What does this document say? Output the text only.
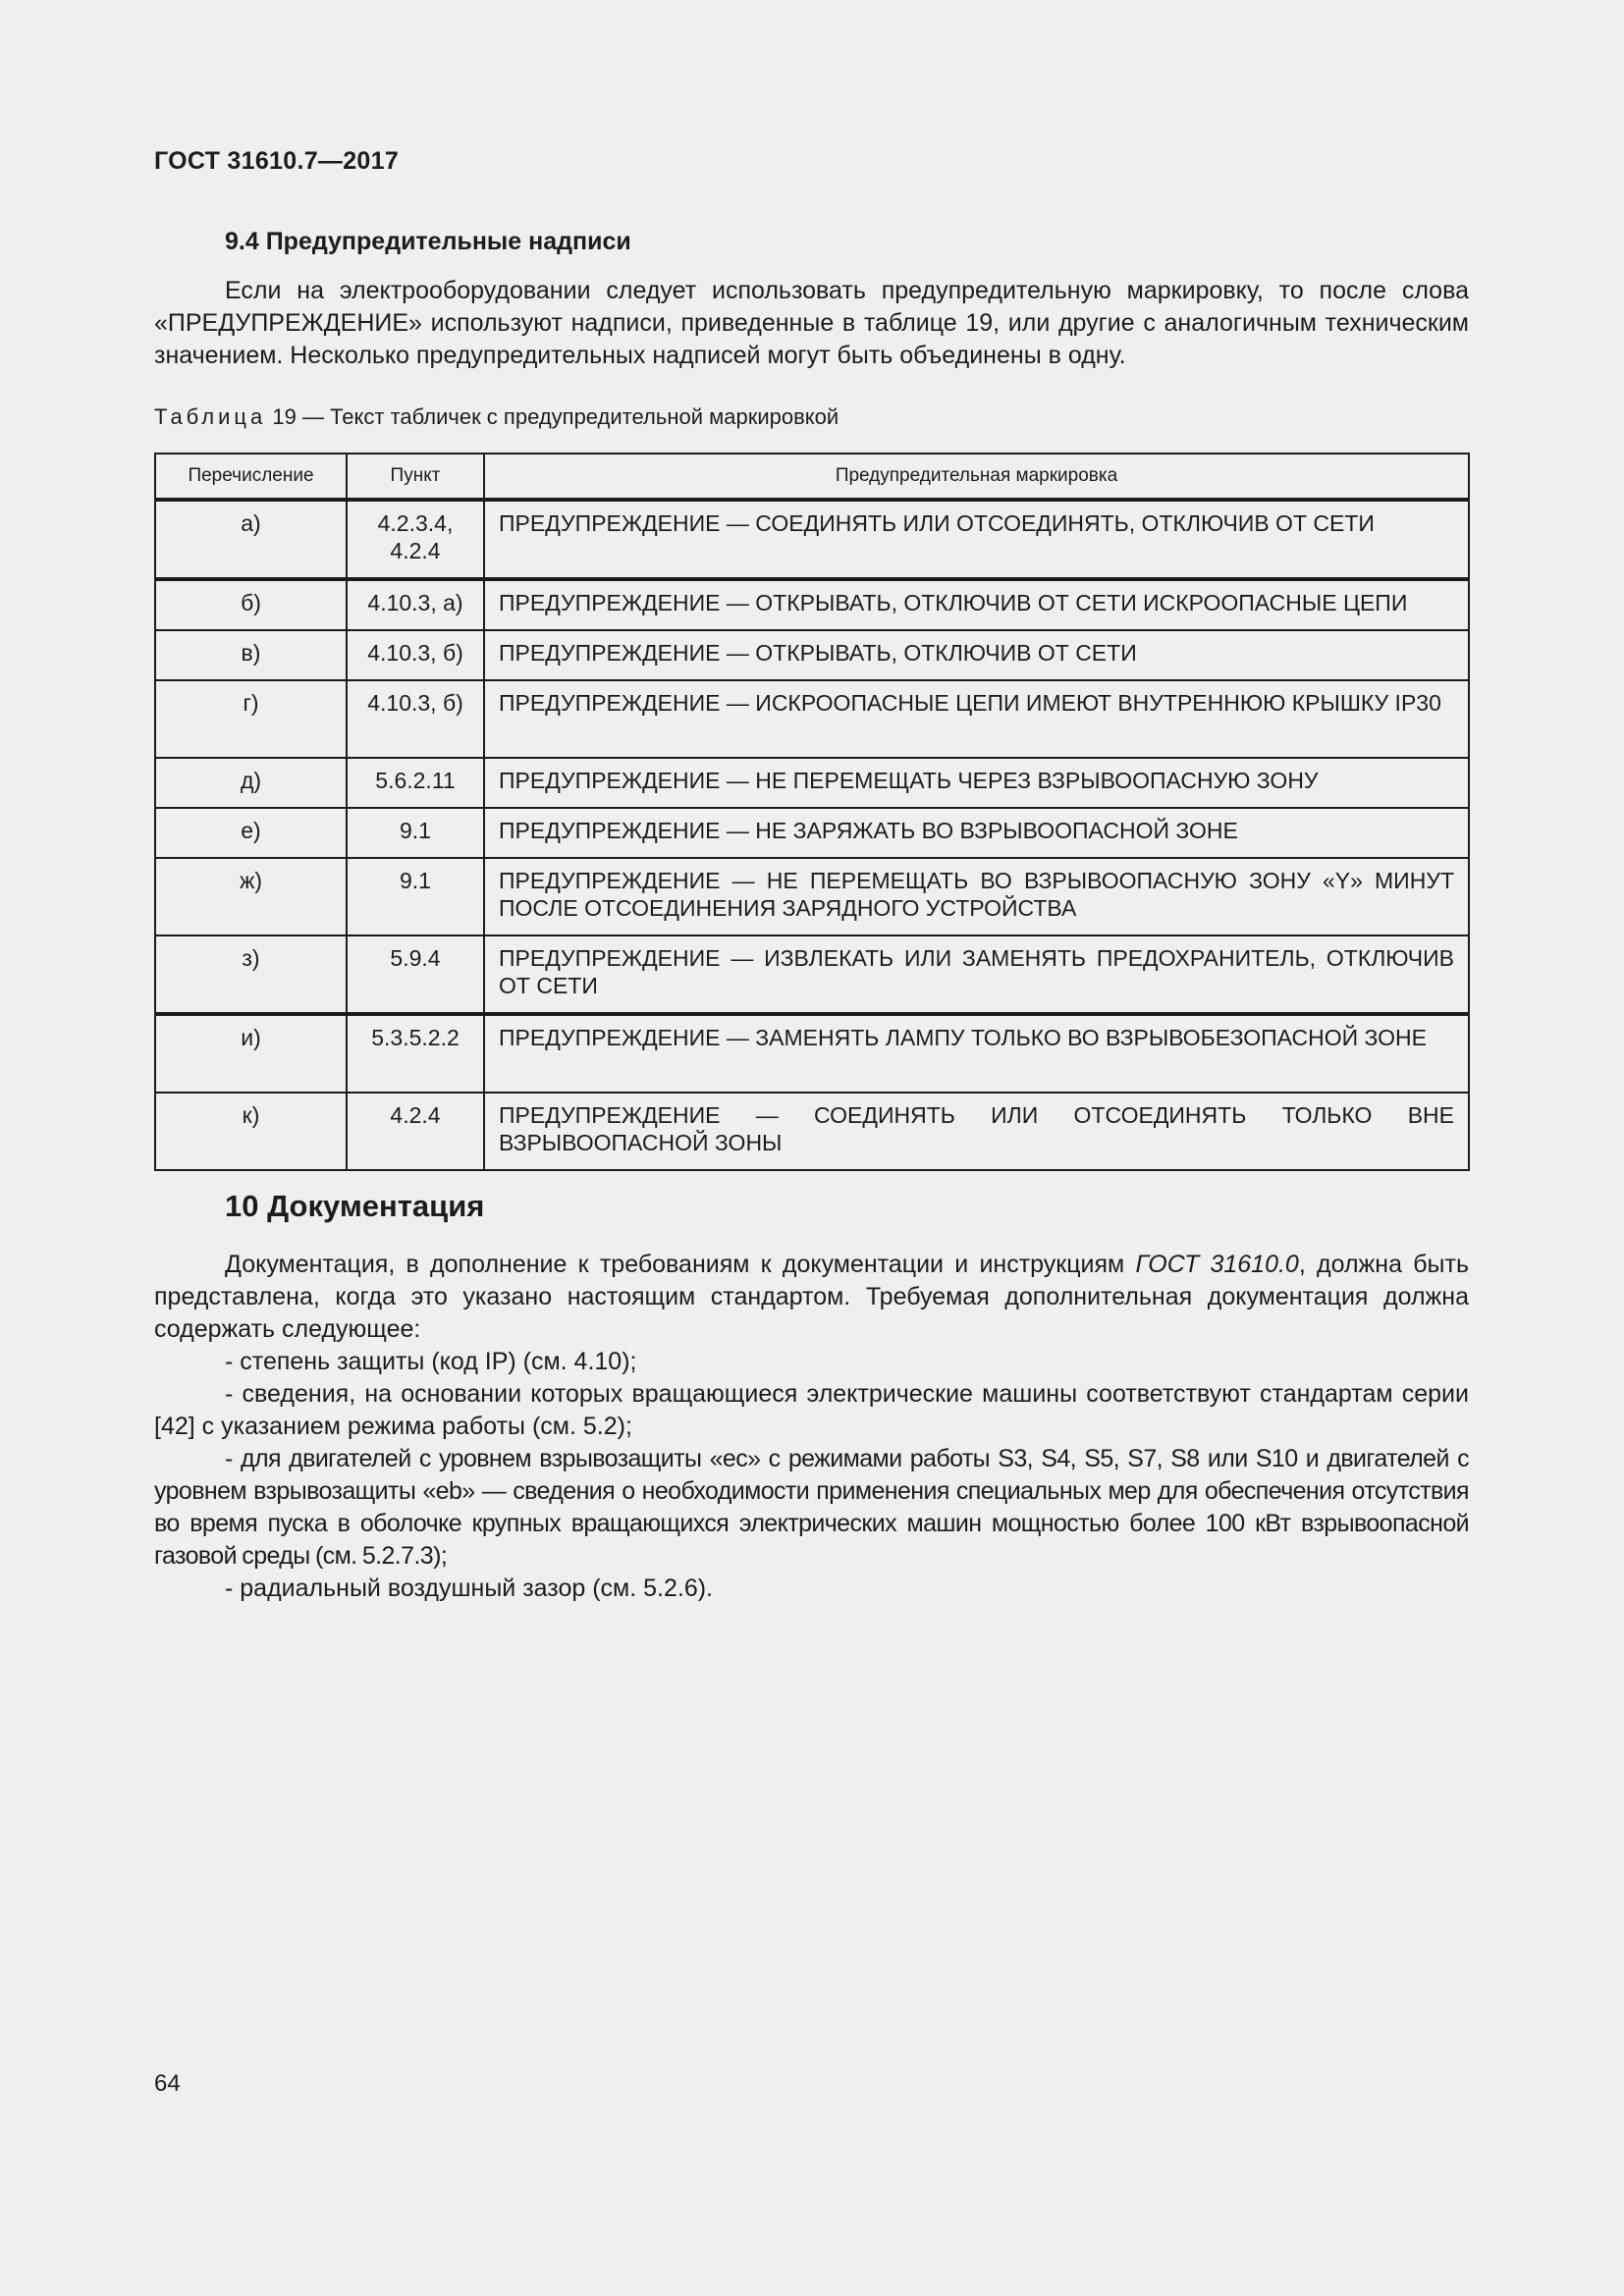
ГОСТ 31610.7—2017
9.4 Предупредительные надписи
Если на электрооборудовании следует использовать предупредительную маркировку, то после слова «ПРЕДУПРЕЖДЕНИЕ» используют надписи, приведенные в таблице 19, или другие с аналогичным техническим значением. Несколько предупредительных надписей могут быть объединены в одну.
Таблица 19 — Текст табличек с предупредительной маркировкой
Перечисление	Пункт	Предупредительная маркировка
а)	4.2.3.4, 4.2.4	ПРЕДУПРЕЖДЕНИЕ — СОЕДИНЯТЬ ИЛИ ОТСОЕДИНЯТЬ, ОТКЛЮЧИВ ОТ СЕТИ
б)	4.10.3, а)	ПРЕДУПРЕЖДЕНИЕ — ОТКРЫВАТЬ, ОТКЛЮЧИВ ОТ СЕТИ ИСКРООПАСНЫЕ ЦЕПИ
в)	4.10.3, б)	ПРЕДУПРЕЖДЕНИЕ — ОТКРЫВАТЬ, ОТКЛЮЧИВ ОТ СЕТИ
г)	4.10.3, б)	ПРЕДУПРЕЖДЕНИЕ — ИСКРООПАСНЫЕ ЦЕПИ ИМЕЮТ ВНУТРЕННЮЮ КРЫШКУ IP30
д)	5.6.2.11	ПРЕДУПРЕЖДЕНИЕ — НЕ ПЕРЕМЕЩАТЬ ЧЕРЕЗ ВЗРЫВООПАСНУЮ ЗОНУ
е)	9.1	ПРЕДУПРЕЖДЕНИЕ — НЕ ЗАРЯЖАТЬ ВО ВЗРЫВООПАСНОЙ ЗОНЕ
ж)	9.1	ПРЕДУПРЕЖДЕНИЕ — НЕ ПЕРЕМЕЩАТЬ ВО ВЗРЫВООПАСНУЮ ЗОНУ «Y» МИНУТ ПОСЛЕ ОТСОЕДИНЕНИЯ ЗАРЯДНОГО УСТРОЙСТВА
з)	5.9.4	ПРЕДУПРЕЖДЕНИЕ — ИЗВЛЕКАТЬ ИЛИ ЗАМЕНЯТЬ ПРЕДОХРАНИТЕЛЬ, ОТКЛЮЧИВ ОТ СЕТИ
и)	5.3.5.2.2	ПРЕДУПРЕЖДЕНИЕ — ЗАМЕНЯТЬ ЛАМПУ ТОЛЬКО ВО ВЗРЫВОБЕЗОПАСНОЙ ЗОНЕ
к)	4.2.4	ПРЕДУПРЕЖДЕНИЕ — СОЕДИНЯТЬ ИЛИ ОТСОЕДИНЯТЬ ТОЛЬКО ВНЕ ВЗРЫВООПАСНОЙ ЗОНЫ
10 Документация
Документация, в дополнение к требованиям к документации и инструкциям ГОСТ 31610.0, должна быть представлена, когда это указано настоящим стандартом. Требуемая дополнительная документация должна содержать следующее:
- степень защиты (код IP) (см. 4.10);
- сведения, на основании которых вращающиеся электрические машины соответствуют стандартам серии [42] с указанием режима работы (см. 5.2);
- для двигателей с уровнем взрывозащиты «ес» с режимами работы S3, S4, S5, S7, S8 или S10 и двигателей с уровнем взрывозащиты «eb» — сведения о необходимости применения специальных мер для обеспечения отсутствия во время пуска в оболочке крупных вращающихся электрических машин мощностью более 100 кВт взрывоопасной газовой среды (см. 5.2.7.3);
- радиальный воздушный зазор (см. 5.2.6).
64
